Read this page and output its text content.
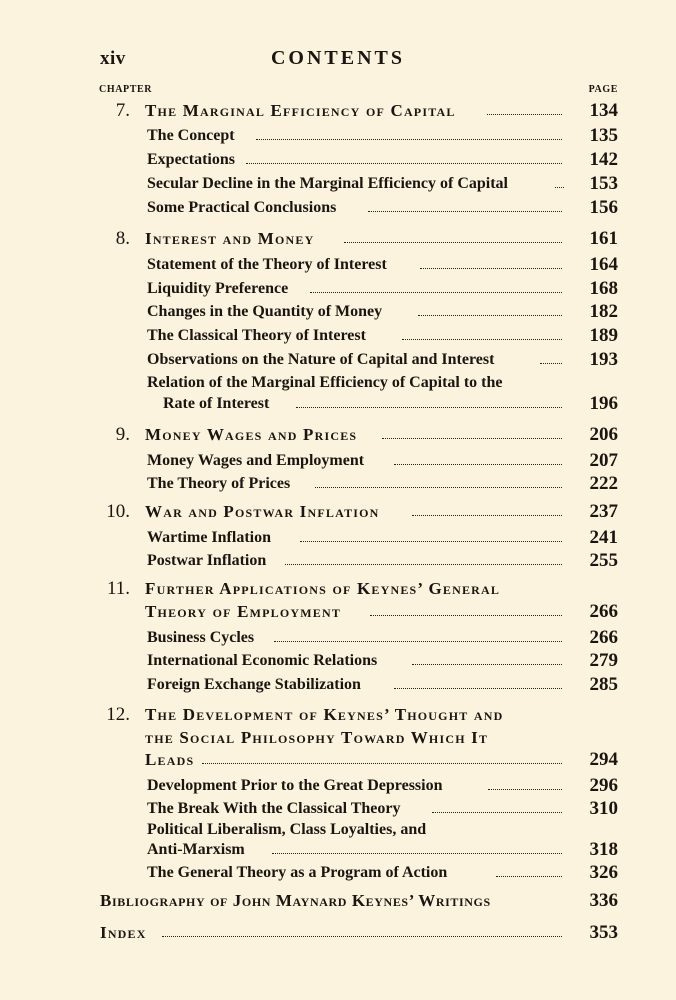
xiv	CONTENTS
CHAPTER	PAGE
7. The Marginal Efficiency of Capital	134
The Concept	135
Expectations	142
Secular Decline in the Marginal Efficiency of Capital	153
Some Practical Conclusions	156
8. Interest and Money	161
Statement of the Theory of Interest	164
Liquidity Preference	168
Changes in the Quantity of Money	182
The Classical Theory of Interest	189
Observations on the Nature of Capital and Interest	193
Relation of the Marginal Efficiency of Capital to the
Rate of Interest	196
9. Money Wages and Prices	206
Money Wages and Employment	207
The Theory of Prices	222
10. War and Postwar Inflation	237
Wartime Inflation	241
Postwar Inflation	255
11. Further Applications of Keynes’ General
Theory of Employment	266
Business Cycles	266
International Economic Relations	279
Foreign Exchange Stabilization	285
12. The Development of Keynes’ Thought and
the Social Philosophy Toward Which It
Leads	294
Development Prior to the Great Depression	296
The Break With the Classical Theory	310
Political Liberalism, Class Loyalties, and
Anti-Marxism	318
The General Theory as a Program of Action	326
Bibliography of John Maynard Keynes’ Writings	336
Index	353
